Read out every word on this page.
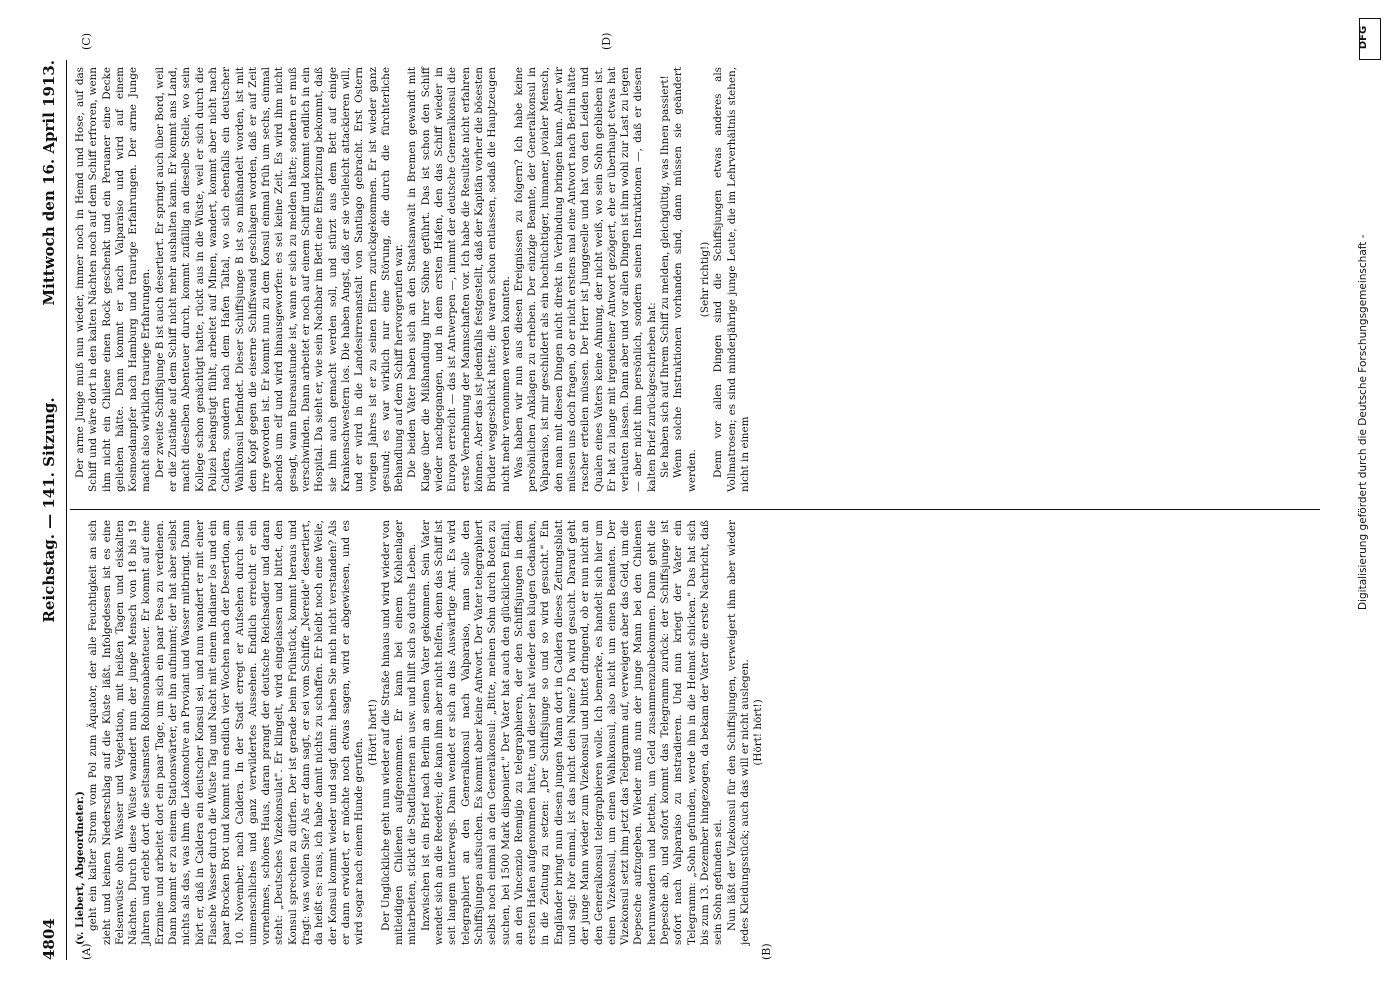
4804
Reichstag. — 141. Sitzung.
Mittwoch den 16. April 1913.
(A)	(B)
(C)	(D)

(v. Liebert, Abgeordneter.) geht ein kalter Strom vom Pol zum Äquator, der alle Feuchtigkeit an sich zieht und keinen Niederschlag auf die Küste läßt. Infolgedessen ist es eine Felsenwüste ohne Wasser und Vegetation, mit heißen Tagen und eiskalten Nächten. Durch diese Wüste wandert nun der junge Mensch von 18 bis 19 Jahren und erlebt dort die seltsamsten Robinsonabenteuer. Er kommt auf eine Erzmine und arbeitet dort ein paar Tage, um sich ein paar Pesa zu verdienen. Dann kommt er zu einem Stationswärter, der ihn aufnimmt; der hat aber selbst nichts als das, was ihm die Lokomotive an Proviant und Wasser mitbringt. Dann hört er, daß in Caldera ein deutscher Konsul sei, und nun wandert er mit einer Flasche Wasser durch die Wüste Tag und Nacht mit einem Indianer los und ein paar Brocken Brot und kommt nun endlich vier Wochen nach der Desertion, am 10. November, nach Caldera. In der Stadt erregt er Aufsehen durch sein unmenschliches und ganz verwildertes Aussehen. Endlich erreicht er ein vornehmes, schönes Haus, daran prangt der deutsche Reichsadler und daran steht: „Deutsches Vizekonsulat". Er klingelt, wird eingelassen und bittet, den Konsul sprechen zu dürfen. Der ist gerade beim Frühstück, kommt heraus und fragt: was wollen Sie? Als er dann sagt, er sei vom Schiffe „Nereide" desertiert, da heißt es: raus, ich habe damit nichts zu schaffen. Er bleibt noch eine Weile, der Konsul kommt wieder und sagt dann: haben Sie mich nicht verstanden? Als er dann erwidert, er möchte noch etwas sagen, wird er abgewiesen, und es wird sogar nach einem Hunde gerufen.

(Hört! hört!) Der Unglückliche geht nun wieder auf die Straße hinaus und wird wieder von mitleidigen Chilenen aufgenommen. Er kann bei einem Kohlenlager mitarbeiten, stickt die Stadtlaternen an usw. und hilft sich so durchs Leben. Inzwischen ist ein Brief nach Berlin an seinen Vater gekommen. Sein Vater wendet sich an die Reederei; die kann ihm aber nicht helfen, denn das Schiff ist seit langem unterwegs. Dann wendet er sich an das Auswärtige Amt. Es wird telegraphiert an den Generalkonsul nach Valparaiso, man solle den Schiffsjungen aufsuchen. Es kommt aber keine Antwort. Der Vater telegraphiert selbst noch einmal an den Generalkonsul: „Bitte, meinen Sohn durch Boten zu suchen, bei 1500 Mark disponiert." Der Vater hat auch den glücklichen Einfall, an den Vincenzio Remigio zu telegraphieren, der den Schiffsjungen in dem ersten Hafen aufgenommen hatte, und dieser hat wieder den klugen Gedanken, in die Zeitung zu setzen: „Der Schiffsjunge so und so wird gesucht." Ein Engländer bringt nun diesen jungen Mann dort in Caldera dieses Zeitungsblatt und sagt: hör einmal, ist das nicht dein Name? Da wird gesucht. Darauf geht der junge Mann wieder zum Vizekonsul und bittet dringend, ob er nun nicht an den Generalkonsul telegraphieren wolle. Ich bemerke, es handelt sich hier um einen Vizekonsul, um einen Wahlkonsul, also nicht um einen Beamten. Der Vizekonsul setzt ihm jetzt das Telegramm auf, verweigert aber das Geld, um die Depesche aufzugeben. Wieder muß nun der junge Mann bei den Chilenen herumwandern und betteln, um Geld zusammenzubekommen. Dann geht die Depesche ab, und sofort kommt das Telegramm zurück: der Schiffsjunge ist sofort nach Valparaiso zu instradieren. Und nun kriegt der Vater ein Telegramm: „Sohn gefunden, werde ihn in die Heimat schicken." Das hat sich bis zum 13. Dezember hingezogen, da bekam der Vater die erste Nachricht, daß sein Sohn gefunden sei. Nun läßt der Vizekonsul für den Schiffsjungen, verweigert ihm aber wieder jedes Kleidungsstück; auch das will er nicht auslegen. (Hört! hört!)

Der arme Junge muß nun wieder, immer noch in Hemd und Hose, auf das Schiff und wäre dort in den kalten Nächten noch auf dem Schiff erfroren, wenn ihm nicht ein Chilene einen Rock geschenkt und ein Peruaner eine Decke geliehen hätte. Dann kommt er nach Valparaiso und wird auf einem Kosmosdampfer nach Hamburg und traurige Erfahrungen. Der arme Junge macht also wirklich traurige Erfahrungen. Der zweite Schiffsjunge B ist auch desertiert. Er springt auch über Bord, weil er die Zustände auf dem Schiff nicht mehr aushalten kann. Er kommt ans Land, macht dieselben Abenteuer durch, kommt zufällig an dieselbe Stelle, wo sein Kollege schon genächtigt hatte, rückt aus in die Wüste, weil er sich durch die Polizei beängstigt fühlt, arbeitet auf Minen, wandert, kommt aber nicht nach Caldera, sondern nach dem Hafen Taltal, wo sich ebenfalls ein deutscher Wahlkonsul befindet. Dieser Schiffsjunge B ist so mißhandelt worden, ist mit dem Kopf gegen die eiserne Schiffswand geschlagen worden, daß er auf Zeit irre geworden ist. Er kommt nun zu dem Konsul einmal früh um sechs, einmal abends um elf und wird hinausgeworfen: es sei keine Zeit. Es wird ihm nicht gesagt, wann Bureaustunde ist, wann er sich zu melden hätte; sondern er muß verschwinden. Dann arbeitet er noch auf einem Schiff und kommt endlich in ein Hospital. Da sieht er, wie sein Nachbar im Bett eine Einspritzung bekommt, daß sie ihm auch gemacht werden soll, und stürzt aus dem Bett auf einige Krankenschwestern los. Die haben Angst, daß er sie vielleicht attackieren will, und er wird in die Landesirrenanstalt von Santiago gebracht. Erst Ostern vorigen Jahres ist er zu seinen Eltern zurückgekommen. Er ist wieder ganz gesund; es war wirklich nur eine Störung, die durch die fürchterliche Behandlung auf dem Schiff hervorgerufen war. Die beiden Väter haben sich an den Staatsanwalt in Bremen gewandt mit Klage über die Mißhandlung ihrer Söhne geführt. Das ist schon den Schiff wieder nachgegangen, und in dem ersten Hafen, den das Schiff wieder in Europa erreicht — das ist Antwerpen —, nimmt der deutsche Generalkonsul die erste Vernehmung der Mannschaften vor. Ich habe die Resultate nicht erfahren können. Aber das ist jedenfalls festgestellt, daß der Kapitän vorher die bösesten Brüder weggeschickt hatte; die waren schon entlassen, sodaß die Hauptzeugen nicht mehr vernommen werden konnten. Was haben wir nun aus diesen Ereignissen zu folgern? Ich habe keine persönlichen Anklagen zu erheben. Der einzige Beamte, der Generalkonsul in Valparaiso, ist mir geschildert als ein hochtüchtiger, humaner, jovialer Mensch, den man mit diesen Dingen nicht direkt in Verbindung bringen kann. Aber wir müssen uns doch fragen, ob er nicht erstens mal eine Antwort nach Berlin hätte rascher erteilen müssen. Der Herr ist Junggeselle und hat von den Leiden und Qualen eines Vaters keine Ahnung, der nicht weiß, wo sein Sohn geblieben ist. Er hat zu lange mit irgendeiner Antwort gezögert, ehe er überhaupt etwas hat verlauten lassen. Dann aber und vor allen Dingen ist ihm wohl zur Last zu legen — aber nicht ihm persönlich, sondern seinen Instruktionen —, daß er diesen kalten Brief zurückgeschrieben hat: Sie haben sich auf Ihrem Schiff zu melden, gleichgültig, was Ihnen passiert! Wenn solche Instruktionen vorhanden sind, dann müssen sie geändert werden.

(Sehr richtig!) Denn vor allen Dingen sind die Schiffsjungen etwas anderes als Vollmatrosen; es sind minderjährige junge Leute, die im Lehrverhältnis stehen, nicht in einem

DFG
Digitalisierung gefördert durch die Deutsche Forschungsgemeinschaft -
